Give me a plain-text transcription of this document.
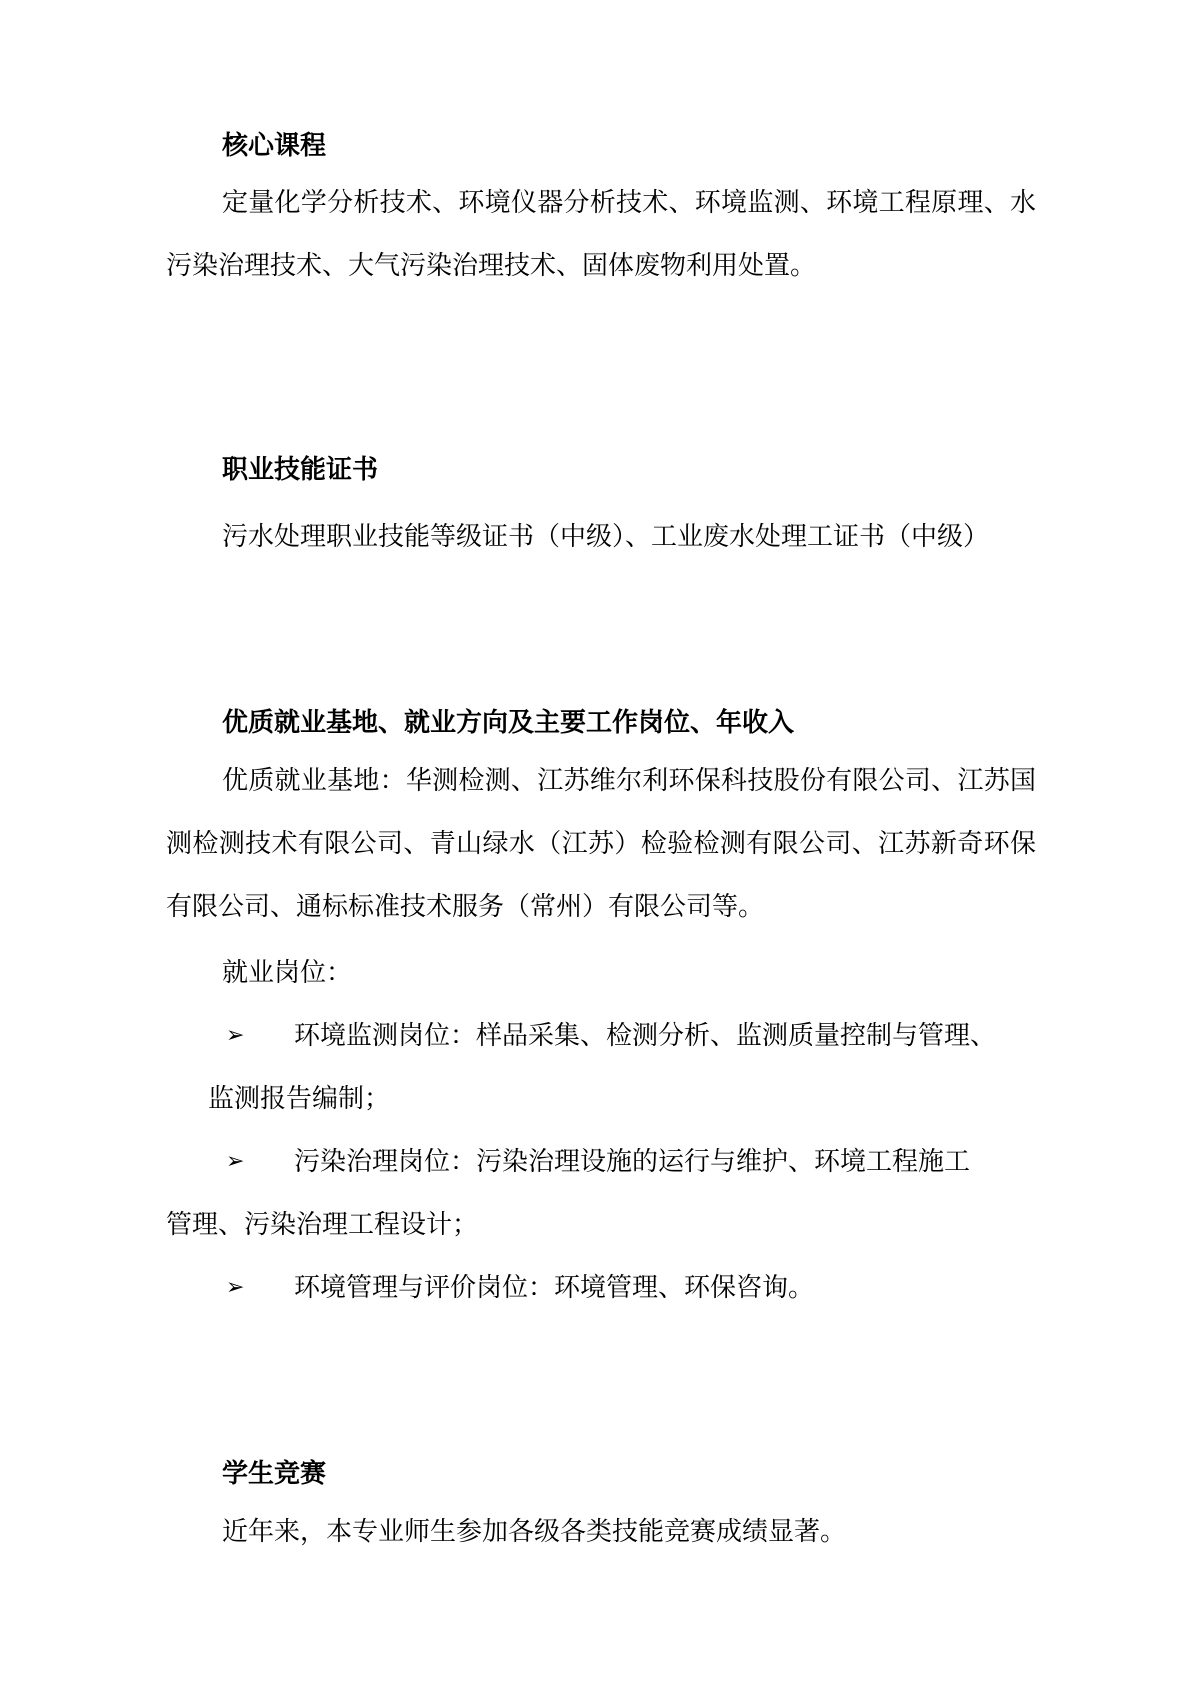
核心课程
定量化学分析技术、环境仪器分析技术、环境监测、环境工程原理、水污染治理技术、大气污染治理技术、固体废物利用处置。
职业技能证书
污水处理职业技能等级证书（中级）、工业废水处理工证书（中级）
优质就业基地、就业方向及主要工作岗位、年收入
优质就业基地：华测检测、江苏维尔利环保科技股份有限公司、江苏国测检测技术有限公司、青山绿水（江苏）检验检测有限公司、江苏新奇环保有限公司、通标标准技术服务（常州）有限公司等。
就业岗位：
➢ 环境监测岗位：样品采集、检测分析、监测质量控制与管理、
监测报告编制；
➢ 污染治理岗位：污染治理设施的运行与维护、环境工程施工
管理、污染治理工程设计；
➢ 环境管理与评价岗位：环境管理、环保咨询。
学生竞赛
近年来，本专业师生参加各级各类技能竞赛成绩显著。
